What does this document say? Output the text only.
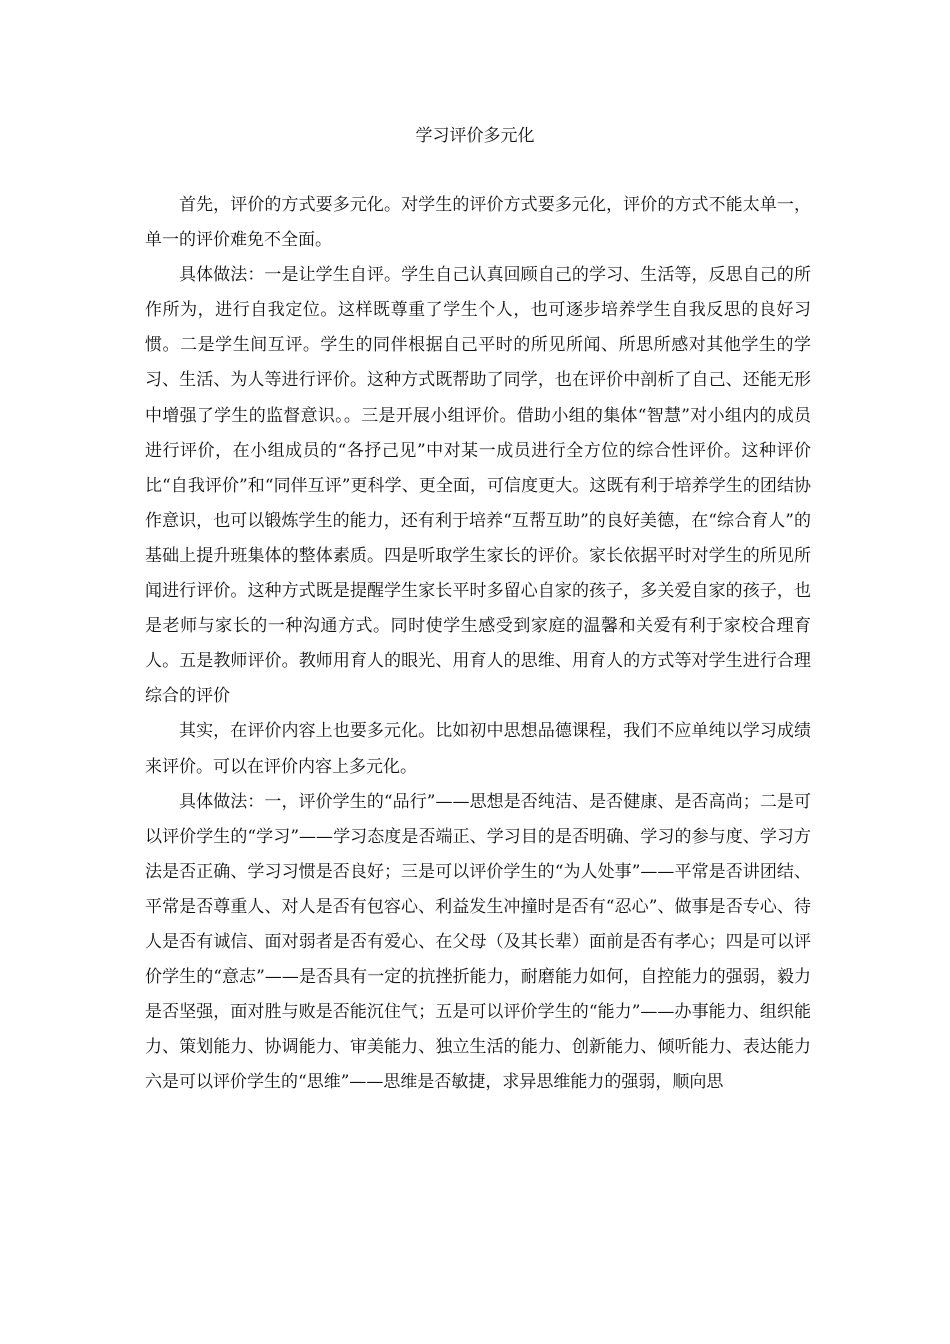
学习评价多元化

首先，评价的方式要多元化。对学生的评价方式要多元化，评价的方式不能太单一，单一的评价难免不全面。

具体做法：一是让学生自评。学生自己认真回顾自己的学习、生活等，反思自己的所作所为，进行自我定位。这样既尊重了学生个人，也可逐步培养学生自我反思的良好习惯。二是学生间互评。学生的同伴根据自己平时的所见所闻、所思所感对其他学生的学习、生活、为人等进行评价。这种方式既帮助了同学，也在评价中剖析了自己、还能无形中增强了学生的监督意识。。三是开展小组评价。借助小组的集体“智慧”对小组内的成员进行评价，在小组成员的“各抒己见”中对某一成员进行全方位的综合性评价。这种评价比“自我评价”和“同伴互评”更科学、更全面，可信度更大。这既有利于培养学生的团结协作意识，也可以锻炼学生的能力，还有利于培养“互帮互助”的良好美德，在“综合育人”的基础上提升班集体的整体素质。四是听取学生家长的评价。家长依据平时对学生的所见所闻进行评价。这种方式既是提醒学生家长平时多留心自家的孩子，多关爱自家的孩子，也是老师与家长的一种沟通方式。同时使学生感受到家庭的温馨和关爱有利于家校合理育人。五是教师评价。教师用育人的眼光、用育人的思维、用育人的方式等对学生进行合理综合的评价

其实，在评价内容上也要多元化。比如初中思想品德课程，我们不应单纯以学习成绩来评价。可以在评价内容上多元化。

具体做法：一，评价学生的“品行”——思想是否纯洁、是否健康、是否高尚；二是可以评价学生的“学习”——学习态度是否端正、学习目的是否明确、学习的参与度、学习方法是否正确、学习习惯是否良好；三是可以评价学生的“为人处事”——平常是否讲团结、平常是否尊重人、对人是否有包容心、利益发生冲撞时是否有“忍心”、做事是否专心、待人是否有诚信、面对弱者是否有爱心、在父母（及其长辈）面前是否有孝心；四是可以评价学生的“意志”——是否具有一定的抗挫折能力，耐磨能力如何，自控能力的强弱，毅力是否坚强，面对胜与败是否能沉住气；五是可以评价学生的“能力”——办事能力、组织能力、策划能力、协调能力、审美能力、独立生活的能力、创新能力、倾听能力、表达能力六是可以评价学生的“思维”——思维是否敏捷，求异思维能力的强弱，顺向思
